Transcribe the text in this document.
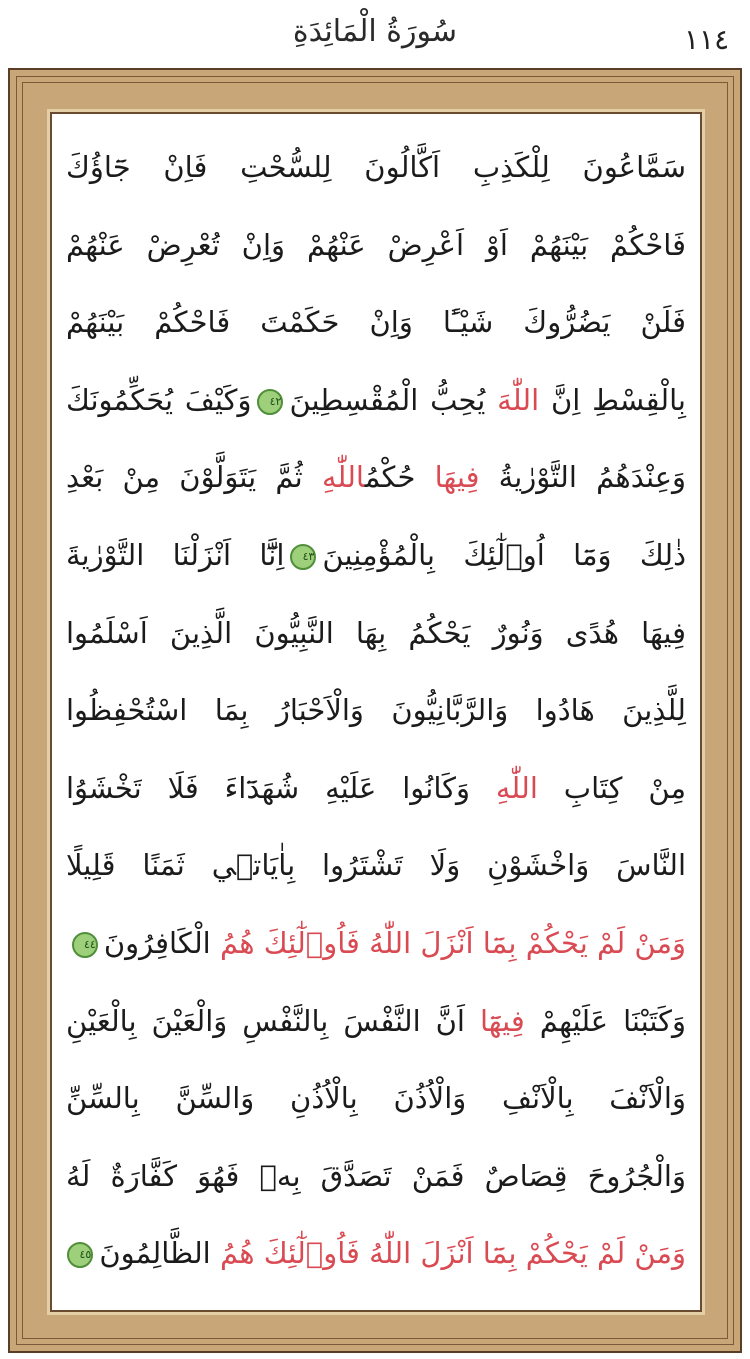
سُورَةُ الْمَائِدَةِ	١١٤
سَمَّاعُونَ لِلْكَذِبِ اَكَّالُونَ لِلسُّحْتِ فَاِنْ جَٓاؤُكَ
فَاحْكُمْ بَيْنَهُمْ اَوْ اَعْرِضْ عَنْهُمْ وَاِنْ تُعْرِضْ عَنْهُمْ
فَلَنْ يَضُرُّوكَ شَيْـًٔا وَاِنْ حَكَمْتَ فَاحْكُمْ بَيْنَهُمْ
بِالْقِسْطِ اِنَّ اللّٰهَ يُحِبُّ الْمُقْسِطِينَ٤٢وَكَيْفَ يُحَكِّمُونَكَ
وَعِنْدَهُمُ التَّوْرٰيةُ فِيهَا حُكْمُاللّٰهِ ثُمَّ يَتَوَلَّوْنَ مِنْ بَعْدِ
ذٰلِكَ وَمَٓا اُو۬لٰٓئِكَ بِالْمُؤْمِنِينَ٤٣اِنَّٓا اَنْزَلْنَا التَّوْرٰيةَ
فِيهَا هُدًى وَنُورٌ يَحْكُمُ بِهَا النَّبِيُّونَ الَّذِينَ اَسْلَمُوا
لِلَّذِينَ هَادُوا وَالرَّبَّانِيُّونَ وَالْاَحْبَارُ بِمَا اسْتُحْفِظُوا
مِنْ كِتَابِ اللّٰهِ وَكَانُوا عَلَيْهِ شُهَدَٓاءَ فَلَا تَخْشَوُا
النَّاسَ وَاخْشَوْنِ وَلَا تَشْتَرُوا بِاٰيَاتٖي ثَمَنًا قَلِيلًا
وَمَنْ لَمْ يَحْكُمْ بِمَٓا اَنْزَلَ اللّٰهُ فَاُو۬لٰٓئِكَ هُمُ الْكَافِرُونَ٤٤
وَكَتَبْنَا عَلَيْهِمْ فِيهَٓا اَنَّ النَّفْسَ بِالنَّفْسِ وَالْعَيْنَ بِالْعَيْنِ
وَالْاَنْفَ بِالْاَنْفِ وَالْاُذُنَ بِالْاُذُنِ وَالسِّنَّ بِالسِّنِّ
وَالْجُرُوحَ قِصَاصٌ فَمَنْ تَصَدَّقَ بِهٖ فَهُوَ كَفَّارَةٌ لَهُ
وَمَنْ لَمْ يَحْكُمْ بِمَٓا اَنْزَلَ اللّٰهُ فَاُو۬لٰٓئِكَ هُمُ الظَّالِمُونَ٤٥
